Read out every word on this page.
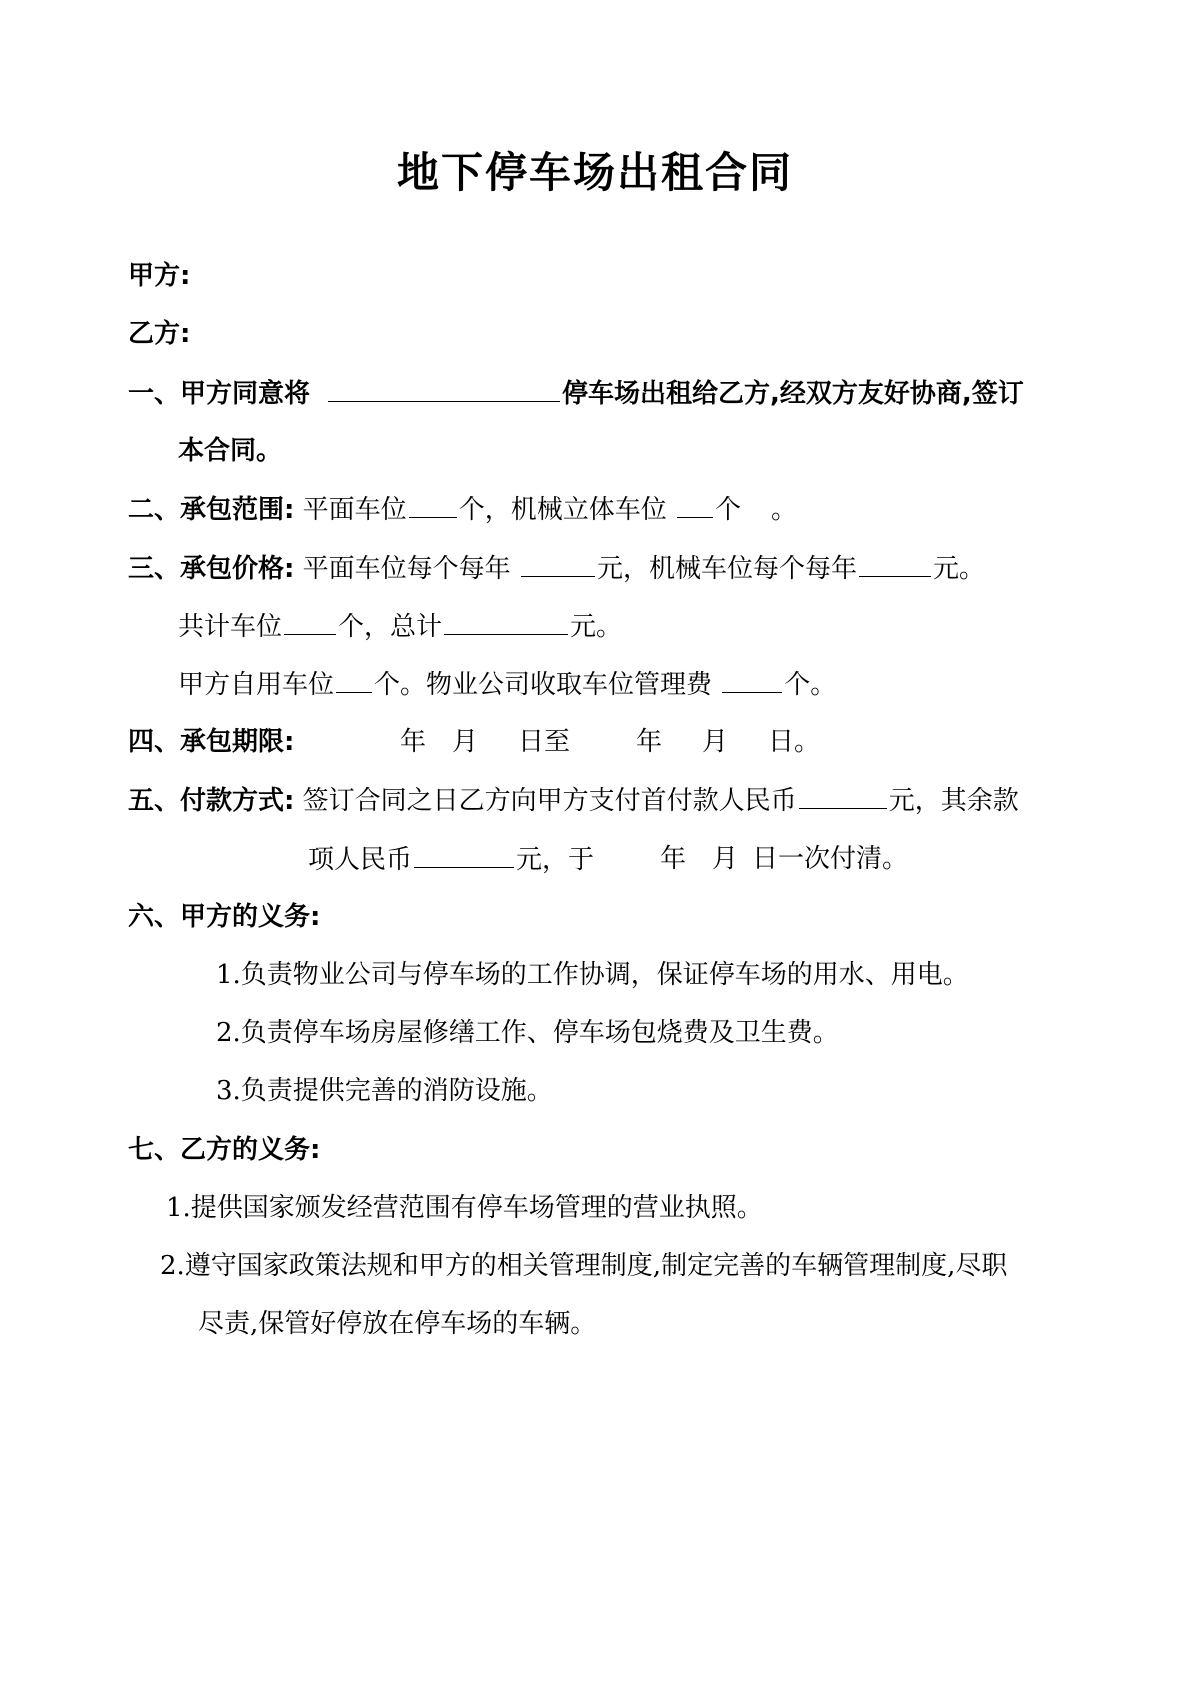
地下停车场出租合同
甲方:
乙方:
一、甲方同意将	停车场出租给乙方,经双方友好协商,签订
本合同。
二、承包范围: 平面车位 个，机械立体车位 个 。
三、承包价格: 平面车位每个每年	元，机械车位每个每年	元。
共计车位 个，总计	元。
甲方自用车位 个。物业公司收取车位管理费	个。
四、承包期限:	年 月 日至	年 月 日。
五、付款方式: 签订合同之日乙方向甲方支付首付款人民币	元，其余款
项人民币	元，于	年 月 日一次付清。
六、甲方的义务:
1.负责物业公司与停车场的工作协调，保证停车场的用水、用电。
2.负责停车场房屋修缮工作、停车场包烧费及卫生费。
3.负责提供完善的消防设施。
七、乙方的义务:
1.提供国家颁发经营范围有停车场管理的营业执照。
2.遵守国家政策法规和甲方的相关管理制度,制定完善的车辆管理制度,尽职
尽责,保管好停放在停车场的车辆。
